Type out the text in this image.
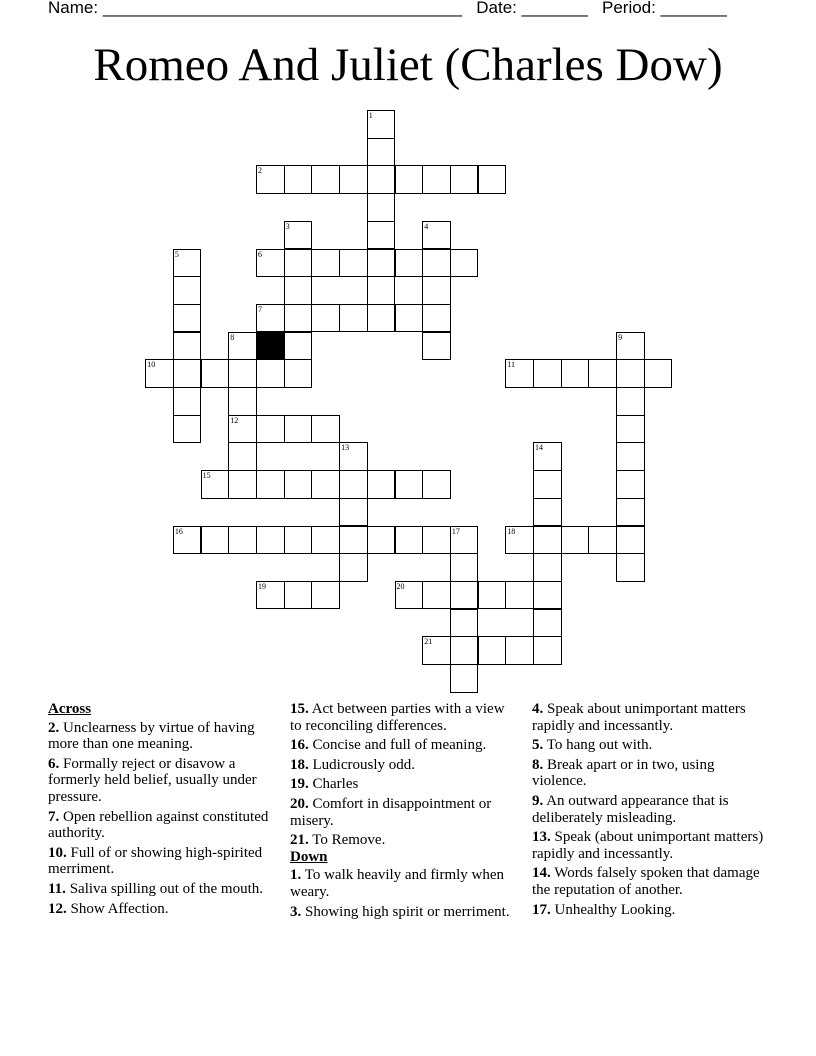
Name: ______________________________________ Date: _______ Period: _______
Romeo And Juliet (Charles Dow)
1
2
3	4
5	6
7
8
12
9
10	11
13	14
15
16	17	18
19	20
21
Across
2. Unclearness by virtue of having more than one meaning.
6. Formally reject or disavow a formerly held belief, usually under pressure.
7. Open rebellion against constituted authority.
10. Full of or showing high-spirited merriment.
11. Saliva spilling out of the mouth.
12. Show Affection.
15. Act between parties with a view to reconciling differences.
16. Concise and full of meaning.
18. Ludicrously odd.
19. Charles
20. Comfort in disappointment or misery.
21. To Remove.
Down
1. To walk heavily and firmly when weary.
3. Showing high spirit or merriment.
4. Speak about unimportant matters rapidly and incessantly.
5. To hang out with.
8. Break apart or in two, using violence.
9. An outward appearance that is deliberately misleading.
13. Speak (about unimportant matters) rapidly and incessantly.
14. Words falsely spoken that damage the reputation of another.
17. Unhealthy Looking.
